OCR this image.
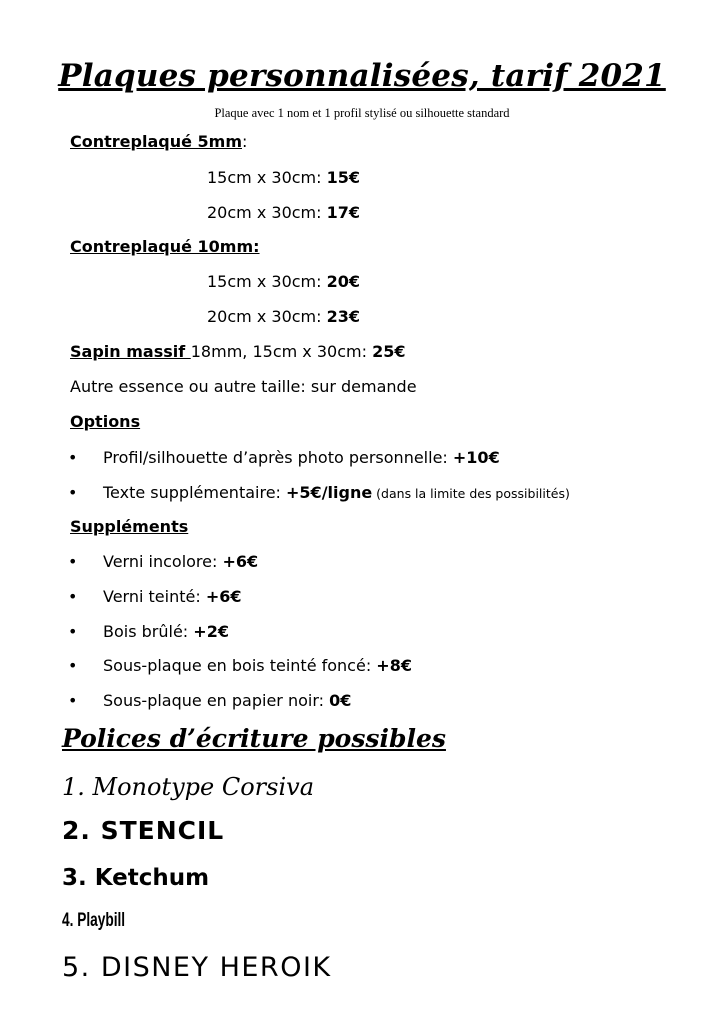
Plaques personnalisées, tarif 2021
Plaque avec 1 nom et 1 profil stylisé ou silhouette standard
Contreplaqué 5mm:
15cm x 30cm: 15€
20cm x 30cm: 17€
Contreplaqué 10mm:
15cm x 30cm: 20€
20cm x 30cm: 23€
Sapin massif 18mm, 15cm x 30cm: 25€
Autre essence ou autre taille: sur demande
Options
• Profil/silhouette d’après photo personnelle: +10€
• Texte supplémentaire: +5€/ligne (dans la limite des possibilités)
Suppléments
• Verni incolore: +6€
• Verni teinté: +6€
• Bois brûlé: +2€
• Sous-plaque en bois teinté foncé: +8€
• Sous-plaque en papier noir: 0€
Polices d’écriture possibles
1. Monotype Corsiva
2. STENCIL
3. Ketchum
4. Playbill
5. DISNEY HEROIK
